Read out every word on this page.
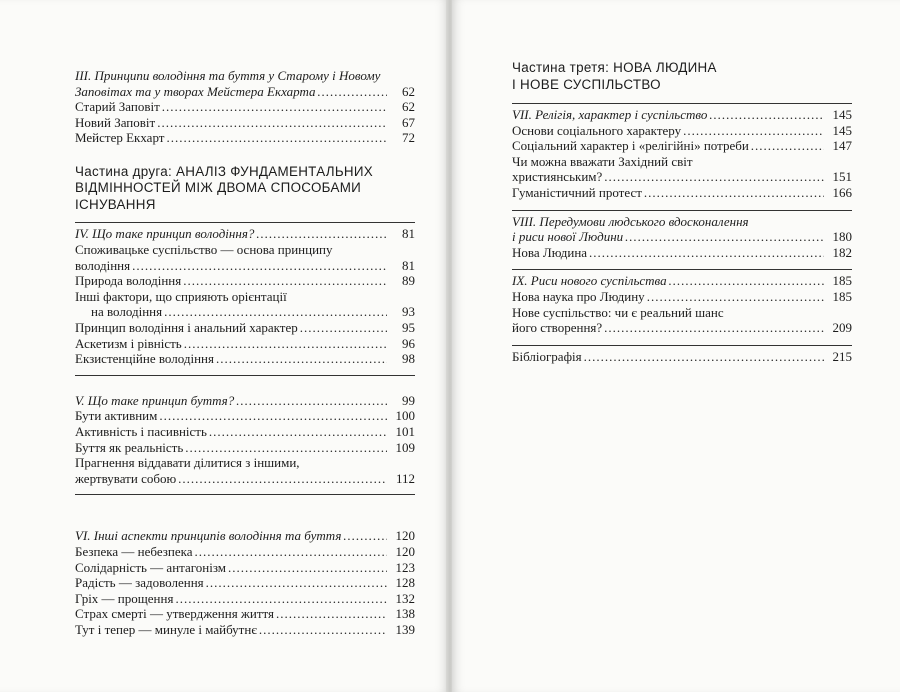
III. Принципи володіння та буття у Старому і Новому
Заповітах та у творах Мейстера Екхарта .....	62
Старий Заповіт .....	62
Новий Заповіт .....	67
Мейстер Екхарт .....	72
Частина друга: АНАЛІЗ ФУНДАМЕНТАЛЬНИХ
ВІДМІННОСТЕЙ МІЖ ДВОМА СПОСОБАМИ
ІСНУВАННЯ
IV. Що таке принцип володіння? .....	81
Споживацьке суспільство — основа принципу
володіння .....	81
Природа володіння .....	89
Інші фактори, що сприяють орієнтації
на володіння .....	93
Принцип володіння і анальний характер .....	95
Аскетизм і рівність .....	96
Екзистенційне володіння .....	98
V. Що таке принцип буття? .....	99
Бути активним .....	100
Активність і пасивність .....	101
Буття як реальність .....	109
Прагнення віддавати ділитися з іншими,
жертвувати собою .....	112
VI. Інші аспекти принципів володіння та буття .....	120
Безпека — небезпека .....	120
Солідарність — антагонізм .....	123
Радість — задоволення .....	128
Гріх — прощення .....	132
Страх смерті — утвердження життя .....	138
Тут і тепер — минуле і майбутнє .....	139
Частина третя: НОВА ЛЮДИНА
І НОВЕ СУСПІЛЬСТВО
VII. Релігія, характер і суспільство .....	145
Основи соціального характеру .....	145
Соціальний характер і «релігійні» потреби .....	147
Чи можна вважати Західний світ
християнським? .....	151
Гуманістичний протест .....	166
VIII. Передумови людського вдосконалення
і риси нової Людини .....	180
Нова Людина .....	182
IX. Риси нового суспільства .....	185
Нова наука про Людину .....	185
Нове суспільство: чи є реальний шанс
його створення? .....	209
Бібліографія .....	215
